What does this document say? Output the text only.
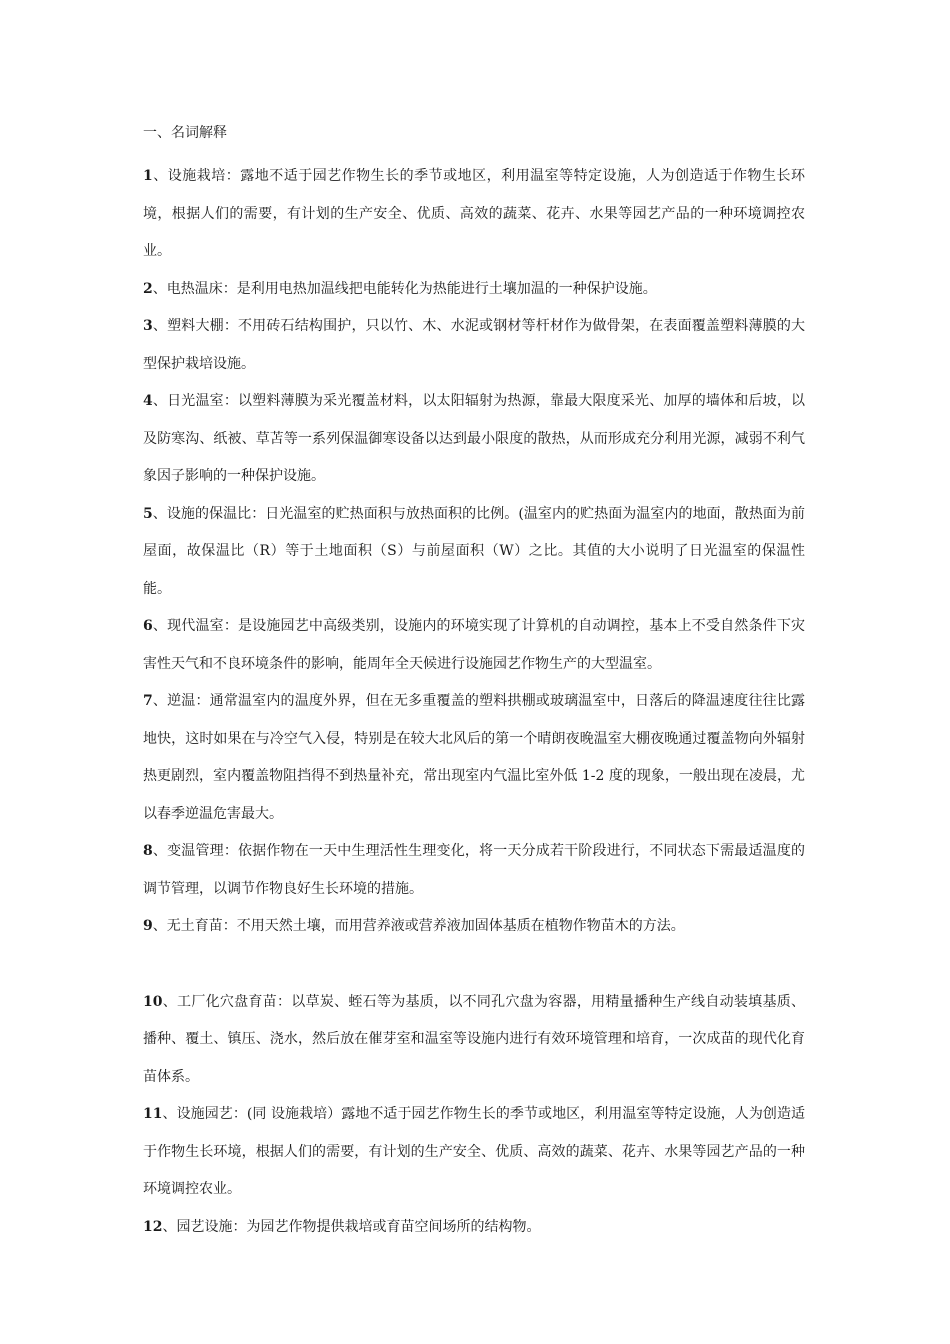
一、名词解释

1、设施栽培：露地不适于园艺作物生长的季节或地区，利用温室等特定设施，人为创造适于作物生长环境，根据人们的需要，有计划的生产安全、优质、高效的蔬菜、花卉、水果等园艺产品的一种环境调控农业。

2、电热温床：是利用电热加温线把电能转化为热能进行土壤加温的一种保护设施。

3、塑料大棚：不用砖石结构围护，只以竹、木、水泥或钢材等杆材作为做骨架，在表面覆盖塑料薄膜的大型保护栽培设施。

4、日光温室：以塑料薄膜为采光覆盖材料，以太阳辐射为热源，靠最大限度采光、加厚的墙体和后坡，以及防寒沟、纸被、草苫等一系列保温御寒设备以达到最小限度的散热，从而形成充分利用光源，减弱不利气象因子影响的一种保护设施。

5、设施的保温比：日光温室的贮热面积与放热面积的比例。(温室内的贮热面为温室内的地面，散热面为前屋面，故保温比（R）等于土地面积（S）与前屋面积（W）之比。其值的大小说明了日光温室的保温性能。

6、现代温室：是设施园艺中高级类别，设施内的环境实现了计算机的自动调控，基本上不受自然条件下灾害性天气和不良环境条件的影响，能周年全天候进行设施园艺作物生产的大型温室。

7、逆温：通常温室内的温度外界，但在无多重覆盖的塑料拱棚或玻璃温室中，日落后的降温速度往往比露地快，这时如果在与冷空气入侵，特别是在较大北风后的第一个晴朗夜晚温室大棚夜晚通过覆盖物向外辐射热更剧烈，室内覆盖物阻挡得不到热量补充，常出现室内气温比室外低 1-2 度的现象，一般出现在凌晨，尤以春季逆温危害最大。

8、变温管理：依据作物在一天中生理活性生理变化，将一天分成若干阶段进行，不同状态下需最适温度的调节管理，以调节作物良好生长环境的措施。

9、无土育苗：不用天然土壤，而用营养液或营养液加固体基质在植物作物苗木的方法。

10、工厂化穴盘育苗：以草炭、蛭石等为基质，以不同孔穴盘为容器，用精量播种生产线自动装填基质、播种、覆土、镇压、浇水，然后放在催芽室和温室等设施内进行有效环境管理和培育，一次成苗的现代化育苗体系。

11、设施园艺：(同 设施栽培）露地不适于园艺作物生长的季节或地区，利用温室等特定设施，人为创造适于作物生长环境，根据人们的需要，有计划的生产安全、优质、高效的蔬菜、花卉、水果等园艺产品的一种环境调控农业。

12、园艺设施：为园艺作物提供栽培或育苗空间场所的结构物。
